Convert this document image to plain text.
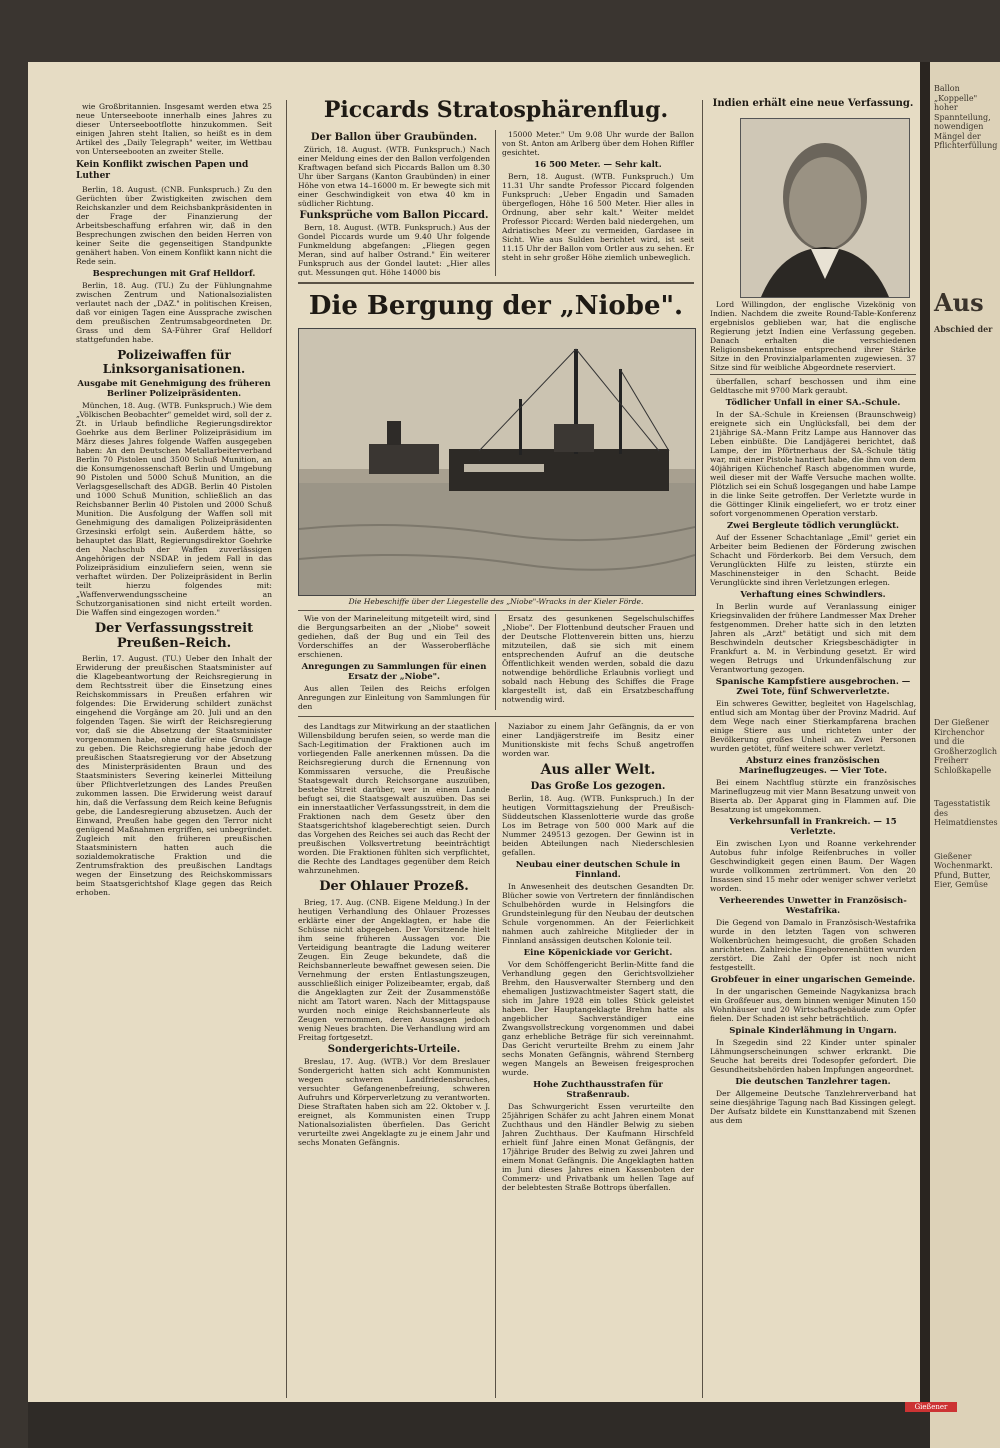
wie Großbritannien. Insgesamt werden etwa 25 neue Unterseeboote innerhalb eines Jahres zu dieser Unterseebootflotte hinzukommen. Seit einigen Jahren steht Italien, so heißt es in dem Artikel des „Daily Telegraph" weiter, im Wettbau von Unterseebooten an zweiter Stelle.

Kein Konflikt zwischen Papen und Luther

Berlin, 18. August. (CNB. Funkspruch.) Zu den Gerüchten über Zwistigkeiten zwischen dem Reichskanzler und dem Reichsbankpräsidenten in der Frage der Finanzierung der Arbeitsbeschaffung erfahren wir, daß in den Besprechungen zwischen den beiden Herren von keiner Seite die gegenseitigen Standpunkte genähert haben. Von einem Konflikt kann nicht die Rede sein.

Besprechungen mit Graf Helldorf.

Berlin, 18. Aug. (TU.) Zu der Fühlungnahme zwischen Zentrum und Nationalsozialisten verlautet nach der „DAZ." in politischen Kreisen, daß vor einigen Tagen eine Aussprache zwischen dem preußischen Zentrumsabgeordneten Dr. Grass und dem SA-Führer Graf Helldorf stattgefunden habe.

Polizeiwaffen für Linksorganisationen.
Ausgabe mit Genehmigung des früheren Berliner Polizeipräsidenten.

München, 18. Aug. (WTB. Funkspruch.) Wie dem „Völkischen Beobachter" gemeldet wird, soll der z. Zt. in Urlaub befindliche Regierungsdirektor Goehrke aus dem Berliner Polizeipräsidium im März dieses Jahres folgende Waffen ausgegeben haben: An den Deutschen Metallarbeiterverband Berlin 70 Pistolen und 3500 Schuß Munition, an die Konsumgenossenschaft Berlin und Umgebung 90 Pistolen und 5000 Schuß Munition, an die Verlagsgesellschaft des ADGB. Berlin 40 Pistolen und 1000 Schuß Munition, schließlich an das Reichsbanner Berlin 40 Pistolen und 2000 Schuß Munition. Die Ausfolgung der Waffen soll mit Genehmigung des damaligen Polizeipräsidenten Grzesinski erfolgt sein. Außerdem hätte, so behauptet das Blatt, Regierungsdirektor Goehrke den Nachschub der Waffen zuverlässigen Angehörigen der NSDAP. in jedem Fall in das Polizeipräsidium einzuliefern seien, wenn sie verhaftet würden. Der Polizeipräsident in Berlin teilt hierzu folgendes mit: „Waffenverwendungsscheine an Schutzorganisationen sind nicht erteilt worden. Die Waffen sind eingezogen worden."

Der Verfassungsstreit Preußen–Reich.

Berlin, 17. August. (TU.) Ueber den Inhalt der Erwiderung der preußischen Staatsminister auf die Klagebeantwortung der Reichsregierung in dem Rechtsstreit über die Einsetzung eines Reichskommissars in Preußen erfahren wir folgendes: Die Erwiderung schildert zunächst eingehend die Vorgänge am 20. Juli und an den folgenden Tagen. Sie wirft der Reichsregierung vor, daß sie die Absetzung der Staatsminister vorgenommen habe, ohne dafür eine Grundlage zu geben. Die Reichsregierung habe jedoch der preußischen Staatsregierung vor der Absetzung des Ministerpräsidenten Braun und des Staatsministers Severing keinerlei Mitteilung über Pflichtverletzungen des Landes Preußen zukommen lassen. Die Erwiderung weist darauf hin, daß die Verfassung dem Reich keine Befugnis gebe, die Landesregierung abzusetzen. Auch der Einwand, Preußen habe gegen den Terror nicht genügend Maßnahmen ergriffen, sei unbegründet. Zugleich mit den früheren preußischen Staatsministern hatten auch die sozialdemokratische Fraktion und die Zentrumsfraktion des preußischen Landtags wegen der Einsetzung des Reichskommissars beim Staatsgerichtshof Klage gegen das Reich erhoben.

Piccards Stratosphärenflug.
Der Ballon über Graubünden.

Zürich, 18. August. (WTB. Funkspruch.) Nach einer Meldung eines der den Ballon verfolgenden Kraftwagen befand sich Piccards Ballon um 8.30 Uhr über Sargans (Kanton Graubünden) in einer Höhe von etwa 14–16000 m. Er bewegte sich mit einer Geschwindigkeit von etwa 40 km in südlicher Richtung.

Funksprüche vom Ballon Piccard.

Bern, 18. August. (WTB. Funkspruch.) Aus der Gondel Piccards wurde um 9.40 Uhr folgende Funkmeldung abgefangen: „Fliegen gegen Meran, sind auf halber Ostrand." Ein weiterer Funkspruch aus der Gondel lautet: „Hier alles gut. Messungen gut. Höhe 14000 bis

15000 Meter." Um 9.08 Uhr wurde der Ballon von St. Anton am Arlberg über dem Hohen Riffler gesichtet.

16 500 Meter. — Sehr kalt.

Bern, 18. August. (WTB. Funkspruch.) Um 11.31 Uhr sandte Professor Piccard folgenden Funkspruch: „Ueber Engadin und Samaden übergeflogen, Höhe 16 500 Meter. Hier alles in Ordnung, aber sehr kalt." Weiter meldet Professor Piccard: Werden bald niedergehen, um Adriatisches Meer zu vermeiden, Gardasee in Sicht. Wie aus Sulden berichtet wird, ist seit 11.15 Uhr der Ballon vom Ortler aus zu sehen. Er steht in sehr großer Höhe ziemlich unbeweglich.

Die Bergung der „Niobe".
Die Hebeschiffe über der Liegestelle des „Niobe"-Wracks in der Kieler Förde.

Wie von der Marineleitung mitgeteilt wird, sind die Bergungsarbeiten an der „Niobe" soweit gediehen, daß der Bug und ein Teil des Vorderschiffes an der Wasseroberfläche erschienen.

Anregungen zu Sammlungen für einen Ersatz der „Niobe".

Aus allen Teilen des Reichs erfolgen Anregungen zur Einleitung von Sammlungen für den

Ersatz des gesunkenen Segelschulschiffes „Niobe". Der Flottenbund deutscher Frauen und der Deutsche Flottenverein bitten uns, hierzu mitzuteilen, daß sie sich mit einem entsprechenden Aufruf an die deutsche Öffentlichkeit wenden werden, sobald die dazu notwendige behördliche Erlaubnis vorliegt und sobald nach Hebung des Schiffes die Frage klargestellt ist, daß ein Ersatzbeschaffung notwendig wird.

des Landtags zur Mitwirkung an der staatlichen Willensbildung berufen seien, so werde man die Sach-Legitimation der Fraktionen auch im vorliegenden Falle anerkennen müssen. Da die Reichsregierung durch die Ernennung von Kommissaren versuche, die Preußische Staatsgewalt durch Reichsorgane auszuüben, bestehe Streit darüber, wer in einem Lande befugt sei, die Staatsgewalt auszuüben. Das sei ein innerstaatlicher Verfassungsstreit, in dem die Fraktionen nach dem Gesetz über den Staatsgerichtshof klageberechtigt seien. Durch das Vorgehen des Reiches sei auch das Recht der preußischen Volksvertretung beeinträchtigt worden. Die Fraktionen fühlten sich verpflichtet, die Rechte des Landtages gegenüber dem Reich wahrzunehmen.

Der Ohlauer Prozeß.

Brieg, 17. Aug. (CNB. Eigene Meldung.) In der heutigen Verhandlung des Ohlauer Prozesses erklärte einer der Angeklagten, er habe die Schüsse nicht abgegeben. Der Vorsitzende hielt ihm seine früheren Aussagen vor. Die Verteidigung beantragte die Ladung weiterer Zeugen. Ein Zeuge bekundete, daß die Reichsbannerleute bewaffnet gewesen seien. Die Vernehmung der ersten Entlastungszeugen, ausschließlich einiger Polizeibeamter, ergab, daß die Angeklagten zur Zeit der Zusammenstöße nicht am Tatort waren. Nach der Mittagspause wurden noch einige Reichsbannerleute als Zeugen vernommen, deren Aussagen jedoch wenig Neues brachten. Die Verhandlung wird am Freitag fortgesetzt.

Sondergerichts-Urteile.

Breslau, 17. Aug. (WTB.) Vor dem Breslauer Sondergericht hatten sich acht Kommunisten wegen schweren Landfriedensbruches, versuchter Gefangenenbefreiung, schweren Aufruhrs und Körperverletzung zu verantworten. Diese Straftaten haben sich am 22. Oktober v. J. ereignet, als Kommunisten einen Trupp Nationalsozialisten überfielen. Das Gericht verurteilte zwei Angeklagte zu je einem Jahr und sechs Monaten Gefängnis.

Naziabor zu einem Jahr Gefängnis, da er von einer Landjägerstreife im Besitz einer Munitionskiste mit fechs Schuß angetroffen worden war.

Aus aller Welt.
Das Große Los gezogen.

Berlin, 18. Aug. (WTB. Funkspruch.) In der heutigen Vormittagsziehung der Preußisch-Süddeutschen Klassenlotterie wurde das große Los im Betrage von 500 000 Mark auf die Nummer 249513 gezogen. Der Gewinn ist in beiden Abteilungen nach Niederschlesien gefallen.

Neubau einer deutschen Schule in Finnland.

In Anwesenheit des deutschen Gesandten Dr. Blücher sowie von Vertretern der finnländischen Schulbehörden wurde in Helsingfors die Grundsteinlegung für den Neubau der deutschen Schule vorgenommen. An der Feierlichkeit nahmen auch zahlreiche Mitglieder der in Finnland ansässigen deutschen Kolonie teil.

Eine Köpenickiade vor Gericht.

Vor dem Schöffengericht Berlin-Mitte fand die Verhandlung gegen den Gerichtsvollzieher Brehm, den Hausverwalter Sternberg und den ehemaligen Justizwachtmeister Sagert statt, die sich im Jahre 1928 ein tolles Stück geleistet haben. Der Hauptangeklagte Brehm hatte als angeblicher Sachverständiger eine Zwangsvollstreckung vorgenommen und dabei ganz erhebliche Beträge für sich vereinnahmt. Das Gericht verurteilte Brehm zu einem Jahr sechs Monaten Gefängnis, während Sternberg wegen Mangels an Beweisen freigesprochen wurde.

Hohe Zuchthausstrafen für Straßenraub.

Das Schwurgericht Essen verurteilte den 25jährigen Schäfer zu acht Jahren einem Monat Zuchthaus und den Händler Belwig zu sieben Jahren Zuchthaus. Der Kaufmann Hirschfeld erhielt fünf Jahre einen Monat Gefängnis, der 17jährige Bruder des Belwig zu zwei Jahren und einem Monat Gefängnis. Die Angeklagten hatten im Juni dieses Jahres einen Kassenboten der Commerz- und Privatbank um hellen Tage auf der belebtesten Straße Bottrops überfallen.

Indien erhält eine neue Verfassung.

Lord Willingdon, der englische Vizekönig von Indien. Nachdem die zweite Round-Table-Konferenz ergebnislos geblieben war, hat die englische Regierung jetzt Indien eine Verfassung gegeben. Danach erhalten die verschiedenen Religionsbekenntnisse entsprechend ihrer Stärke Sitze in den Provinzialparlamenten zugewiesen. 37 Sitze sind für weibliche Abgeordnete reserviert.

überfallen, scharf beschossen und ihm eine Geldtasche mit 9700 Mark geraubt.

Tödlicher Unfall in einer SA.-Schule.

In der SA.-Schule in Kreiensen (Braunschweig) ereignete sich ein Unglücksfall, bei dem der 21jährige SA.-Mann Fritz Lampe aus Hannover das Leben einbüßte. Die Landjägerei berichtet, daß Lampe, der im Pförtnerhaus der SA.-Schule tätig war, mit einer Pistole hantiert habe, die ihm von dem 40jährigen Küchenchef Rasch abgenommen wurde, weil dieser mit der Waffe Versuche machen wollte. Plötzlich sei ein Schuß losgegangen und habe Lampe in die linke Seite getroffen. Der Verletzte wurde in die Göttinger Klinik eingeliefert, wo er trotz einer sofort vorgenommenen Operation verstarb.

Zwei Bergleute tödlich verunglückt.

Auf der Essener Schachtanlage „Emil" geriet ein Arbeiter beim Bedienen der Förderung zwischen Schacht und Förderkorb. Bei dem Versuch, dem Verunglückten Hilfe zu leisten, stürzte ein Maschinensteiger in den Schacht. Beide Verunglückte sind ihren Verletzungen erlegen.

Verhaftung eines Schwindlers.

In Berlin wurde auf Veranlassung einiger Kriegsinvaliden der frühere Landmesser Max Dreher festgenommen. Dreher hatte sich in den letzten Jahren als „Arzt" betätigt und sich mit dem Beschwindeln deutscher Kriegsbeschädigter in Frankfurt a. M. in Verbindung gesetzt. Er wird wegen Betrugs und Urkundenfälschung zur Verantwortung gezogen.

Spanische Kampfstiere ausgebrochen. — Zwei Tote, fünf Schwerverletzte.

Ein schweres Gewitter, begleitet von Hagelschlag, entlud sich am Montag über der Provinz Madrid. Auf dem Wege nach einer Stierkampfarena brachen einige Stiere aus und richteten unter der Bevölkerung großes Unheil an. Zwei Personen wurden getötet, fünf weitere schwer verletzt.

Absturz eines französischen Marineflugzeuges. — Vier Tote.

Bei einem Nachtflug stürzte ein französisches Marineflugzeug mit vier Mann Besatzung unweit von Biserta ab. Der Apparat ging in Flammen auf. Die Besatzung ist umgekommen.

Verkehrsunfall in Frankreich. — 15 Verletzte.

Ein zwischen Lyon und Roanne verkehrender Autobus fuhr infolge Reifenbruches in voller Geschwindigkeit gegen einen Baum. Der Wagen wurde vollkommen zertrümmert. Von den 20 Insassen sind 15 mehr oder weniger schwer verletzt worden.

Verheerendes Unwetter in Französisch-Westafrika.

Die Gegend von Damalo in Französisch-Westafrika wurde in den letzten Tagen von schweren Wolkenbrüchen heimgesucht, die großen Schaden anrichteten. Zahlreiche Eingeborenenhütten wurden zerstört. Die Zahl der Opfer ist noch nicht festgestellt.

Grobfeuer in einer ungarischen Gemeinde.

In der ungarischen Gemeinde Nagykanizsa brach ein Großfeuer aus, dem binnen weniger Minuten 150 Wohnhäuser und 20 Wirtschaftsgebäude zum Opfer fielen. Der Schaden ist sehr beträchtlich.

Spinale Kinderlähmung in Ungarn.

In Szegedin sind 22 Kinder unter spinaler Lähmungserscheinungen schwer erkrankt. Die Seuche hat bereits drei Todesopfer gefordert. Die Gesundheitsbehörden haben Impfungen angeordnet.

Die deutschen Tanzlehrer tagen.

Der Allgemeine Deutsche Tanzlehrerverband hat seine diesjährige Tagung nach Bad Kissingen gelegt. Der Aufsatz bildete ein Kunsttanzabend mit Szenen aus dem

Ballon „Koppelle" hoher Spannteilung, nowendigen Mängel der Pflichterfüllung

Aus

Abschied der

Der Gießener Kirchenchor und die Großherzoglich Freiherr Schloßkapelle

Tagesstatistik des Heimatdienstes

Gießener Wochenmarkt. Pfund, Butter, Eier, Gemüse

Gießener
